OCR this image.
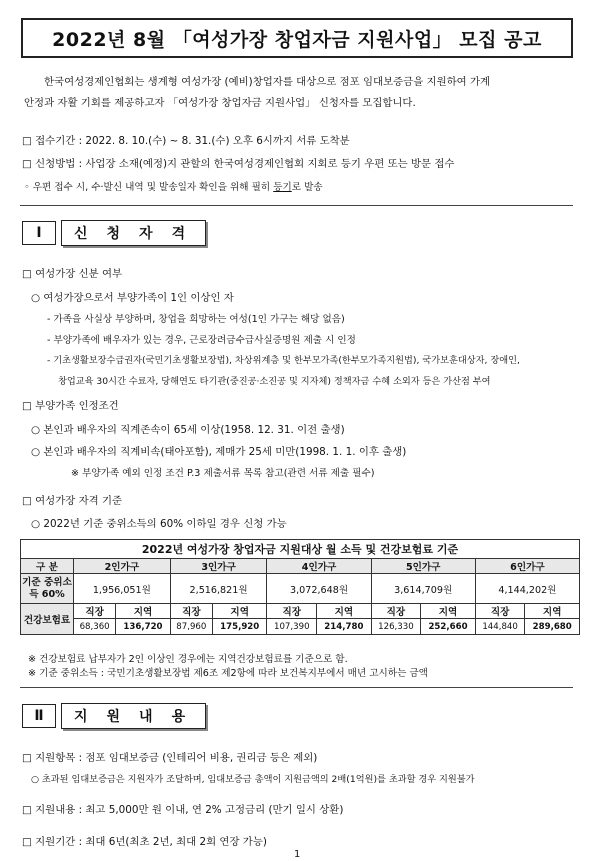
2022년 8월 「여성가장 창업자금 지원사업」 모집 공고
한국여성경제인협회는 생계형 여성가장 (예비)창업자를 대상으로 점포 임대보증금을 지원하여 가계
안정과 자활 기회를 제공하고자 「여성가장 창업자금 지원사업」 신청자를 모집합니다.
□ 접수기간 : 2022. 8. 10.(수) ~ 8. 31.(수) 오후 6시까지 서류 도착분
□ 신청방법 : 사업장 소재(예정)지 관할의 한국여성경제인협회 지회로 등기 우편 또는 방문 접수
◦ 우편 접수 시, 수·발신 내역 및 발송일자 확인을 위해 필히 등기로 발송
Ⅰ	신청자격
□ 여성가장 신분 여부
○ 여성가장으로서 부양가족이 1인 이상인 자
- 가족을 사실상 부양하며, 창업을 희망하는 여성(1인 가구는 해당 없음)
- 부양가족에 배우자가 있는 경우, 근로장려금수급사실증명원 제출 시 인정
- 기초생활보장수급권자(국민기초생활보장법), 차상위계층 및 한부모가족(한부모가족지원법), 국가보훈대상자, 장애인,
창업교육 30시간 수료자, 당해연도 타기관(중진공·소진공 및 지자체) 정책자금 수혜 소외자 등은 가산점 부여
□ 부양가족 인정조건
○ 본인과 배우자의 직계존속이 65세 이상(1958. 12. 31. 이전 출생)
○ 본인과 배우자의 직계비속(태아포함), 제매가 25세 미만(1998. 1. 1. 이후 출생)
※ 부양가족 예외 인정 조건 P.3 제출서류 목록 참고(관련 서류 제출 필수)
□ 여성가장 자격 기준
○ 2022년 기준 중위소득의 60% 이하일 경우 신청 가능
2022년 여성가장 창업자금 지원대상 월 소득 및 건강보험료 기준										
구 분	2인가구		3인가구		4인가구		5인가구		6인가구	
기준 중위소득 60%	1,956,051원		2,516,821원		3,072,648원		3,614,709원		4,144,202원	
건강보험료	직장	지역	직장	지역	직장	지역	직장	지역	직장	지역
	68,360	136,720	87,960	175,920	107,390	214,780	126,330	252,660	144,840	289,680
※ 건강보험료 납부자가 2인 이상인 경우에는 지역건강보험료를 기준으로 함.
※ 기준 중위소득 : 국민기초생활보장법 제6조 제2항에 따라 보건복지부에서 매년 고시하는 금액
Ⅱ	지원내용
□ 지원항목 : 점포 임대보증금 (인테리어 비용, 권리금 등은 제외)
○ 초과된 임대보증금은 지원자가 조달하며, 임대보증금 총액이 지원금액의 2배(1억원)를 초과할 경우 지원불가
□ 지원내용 : 최고 5,000만 원 이내, 연 2% 고정금리 (만기 일시 상환)
□ 지원기간 : 최대 6년(최초 2년, 최대 2회 연장 가능)
1
